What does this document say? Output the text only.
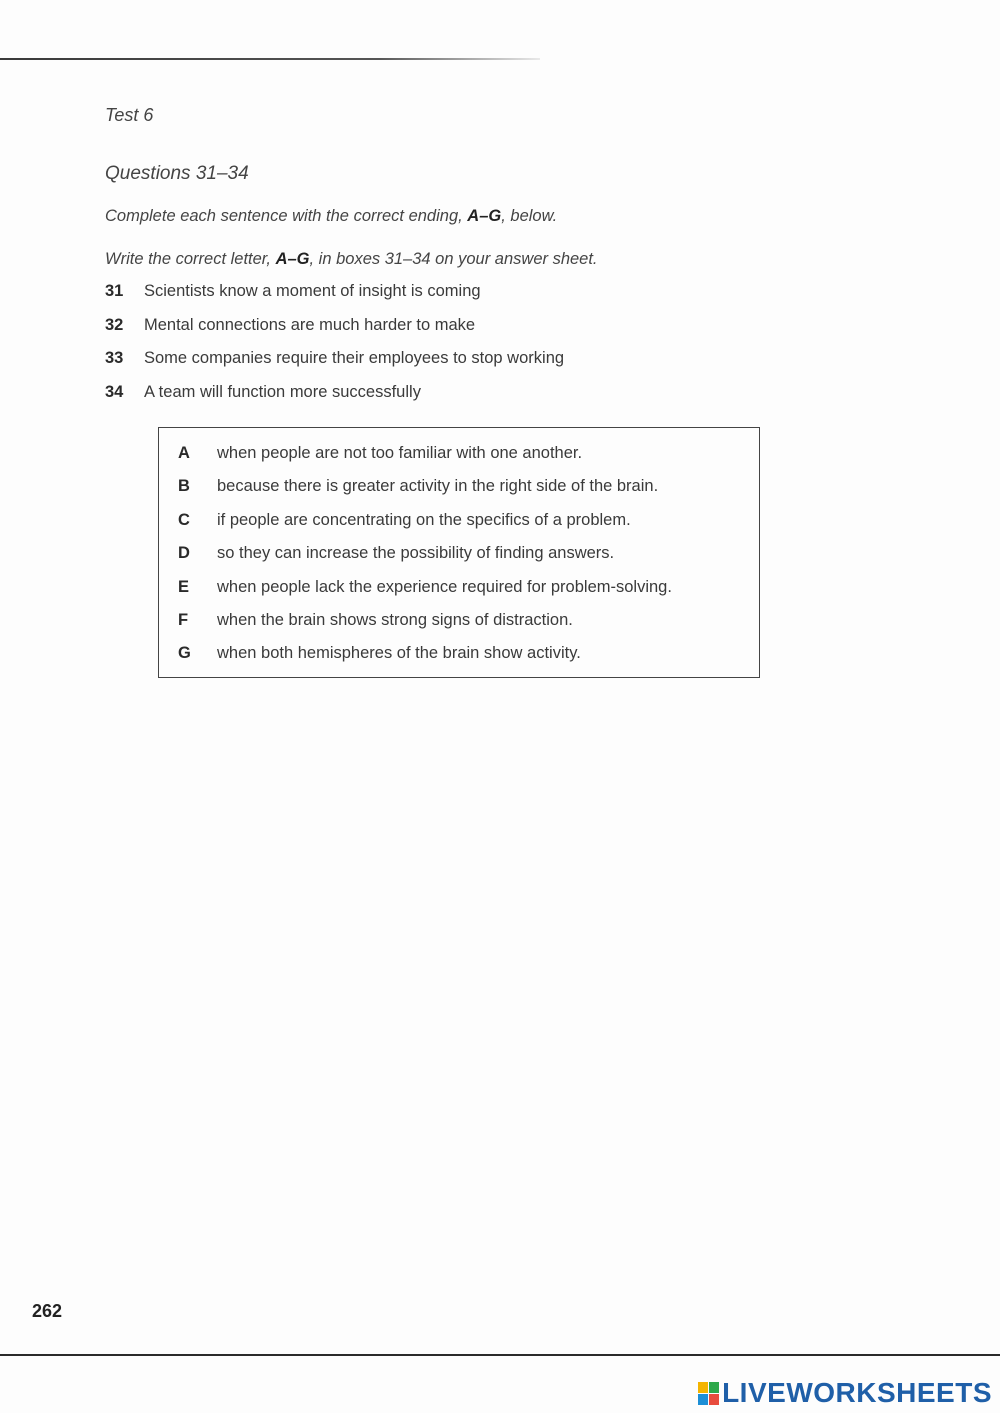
Test 6
Questions 31–34
Complete each sentence with the correct ending, A–G, below.
Write the correct letter, A–G, in boxes 31–34 on your answer sheet.
31	Scientists know a moment of insight is coming
32	Mental connections are much harder to make
33	Some companies require their employees to stop working
34	A team will function more successfully
A	when people are not too familiar with one another.
B	because there is greater activity in the right side of the brain.
C	if people are concentrating on the specifics of a problem.
D	so they can increase the possibility of finding answers.
E	when people lack the experience required for problem-solving.
F	when the brain shows strong signs of distraction.
G	when both hemispheres of the brain show activity.
262
LIVEWORKSHEETS
